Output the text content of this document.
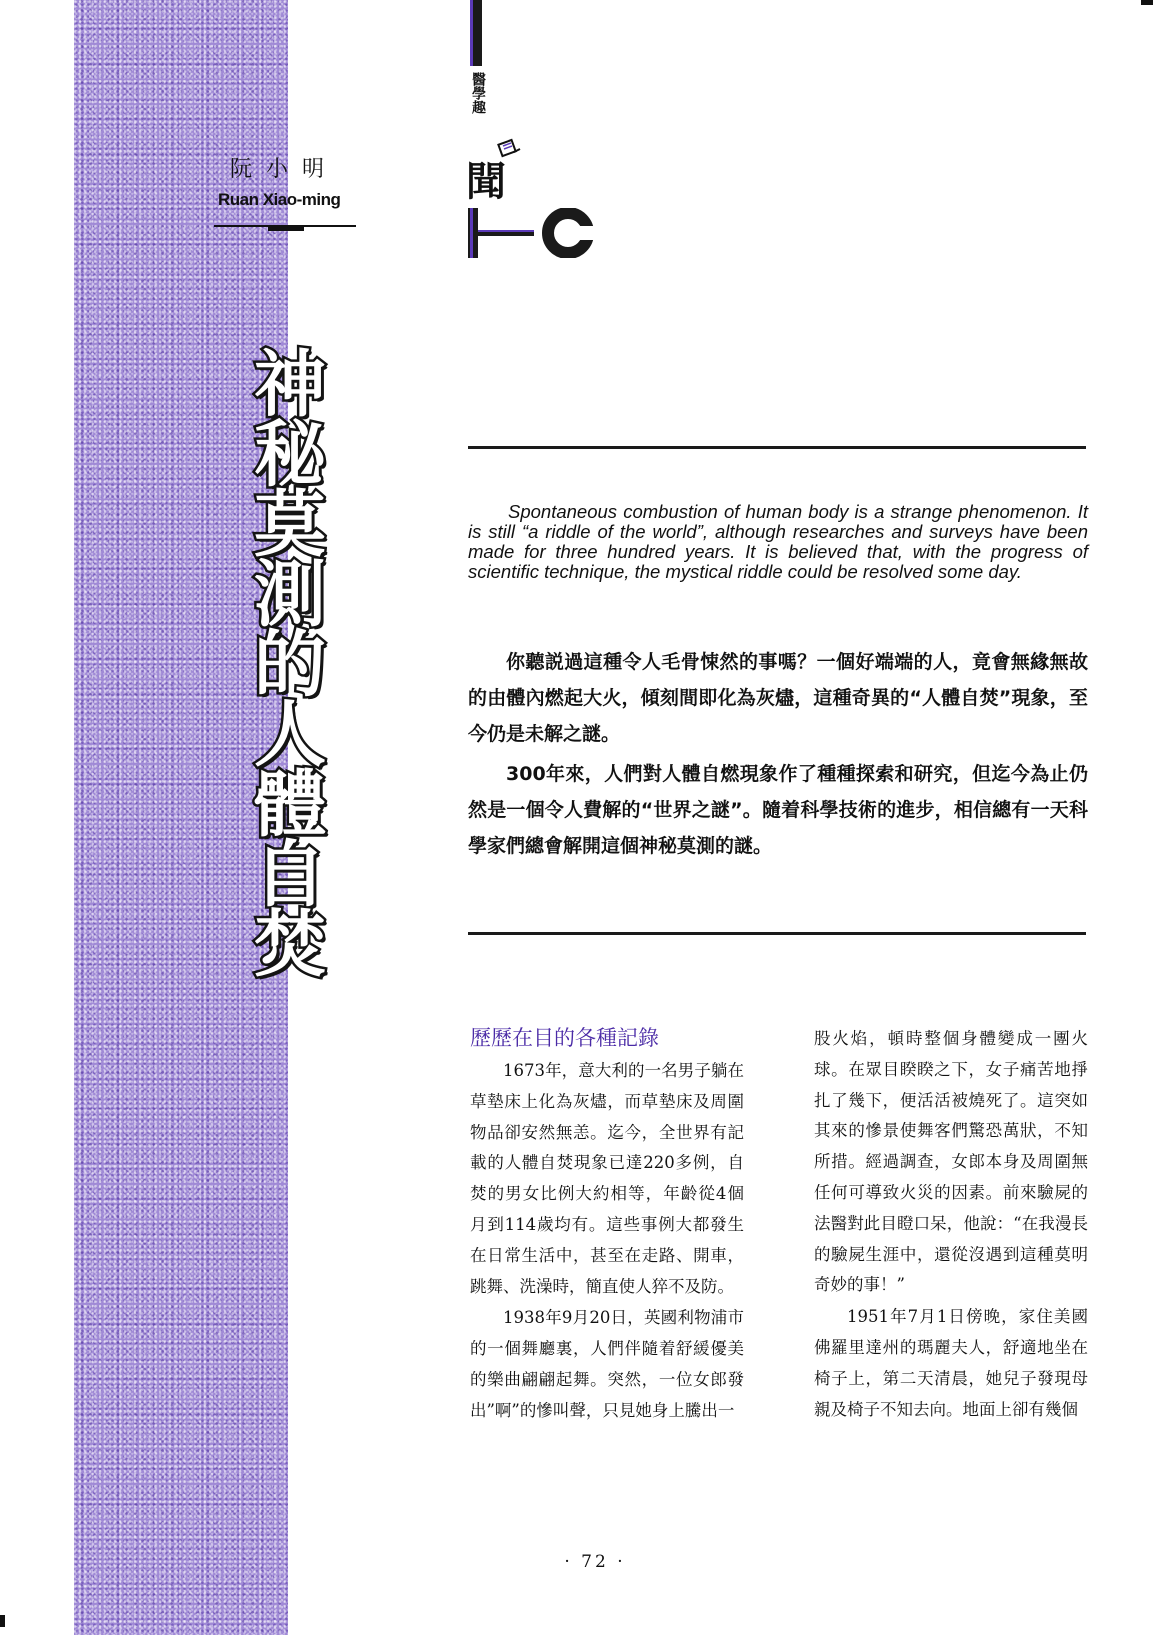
阮小明
Ruan Xiao-ming
醫學趣
聞
神秘莫測的人體自焚	Spontaneous combustion of human body is a strange phenomenon. It is still “a riddle of the world”, although researches and surveys have been made for three hundred years. It is believed that, with the progress of scientific technique, the mystical riddle could be resolved some day.

你聽説過這種令人毛骨悚然的事嗎？一個好端端的人，竟會無緣無故的由體內燃起大火，傾刻間即化為灰燼，這種奇異的“人體自焚”現象，至今仍是未解之謎。

300年來，人們對人體自燃現象作了種種探索和研究，但迄今為止仍然是一個令人費解的“世界之謎”。隨着科學技術的進步，相信總有一天科學家們總會解開這個神秘莫測的謎。

歷歷在目的各種記錄

1673年，意大利的一名男子躺在草墊床上化為灰燼，而草墊床及周圍物品卻安然無恙。迄今，全世界有記載的人體自焚現象已達220多例，自焚的男女比例大約相等，年齡從4個月到114歲均有。這些事例大都發生在日常生活中，甚至在走路、開車，跳舞、洗澡時，簡直使人猝不及防。

1938年9月20日，英國利物浦市的一個舞廳裏，人們伴隨着舒緩優美的樂曲翩翩起舞。突然，一位女郎發出”啊”的慘叫聲，只見她身上騰出一

股火焰，頓時整個身體變成一團火球。在眾目睽睽之下，女子痛苦地掙扎了幾下，便活活被燒死了。這突如其來的慘景使舞客們驚恐萬狀，不知所措。經過調查，女郎本身及周圍無任何可導致火災的因素。前來驗屍的法醫對此目瞪口呆，他說：“在我漫長的驗屍生涯中，還從沒遇到這種莫明奇妙的事！”

1951年7月1日傍晚，家住美國佛羅里達州的瑪麗夫人，舒適地坐在椅子上，第二天清晨，她兒子發現母親及椅子不知去向。地面上卻有幾個

· 72 ·
